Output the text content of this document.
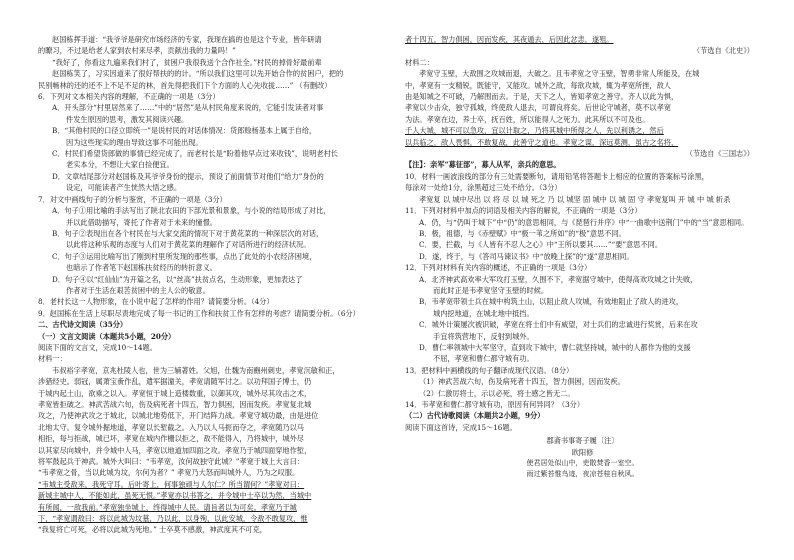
赵国栋挥手道：“我爷爷是研究市场经济的专家，我现在搞的也是这个专业，皆年研请

的瞭习，不过是给老人家到农村来尽孝，贡献出我的力量吗！”

“我好了，你看这九遍来我们村了，贫困户我很我送个合作社全。”村民的掉骨好最前辈

赵国栋笑了，习实因道来了很好帮扶的的计。“所以我们这里可以先开始合作的贫困户，把的

民别畅林的还的还不上不足不足的林，首先得把我们下个方面的人心先收拢……” （有删改）

6．下列对文本相关内容的理解，不正确的一项是（3分）

A．开头部分“村里居然来了……”中的“居然”是从村民角度来说的，它能引发读者对事

件发生原因的思考，激发其阅读兴趣。

B．“其他村民的口径立即统一”是说村民的对话体情况：货郎赊杨基本上属于自给，

因为这些现实的理由导致这事不可能出现。

C．村民们希望货郎做的事情已经完成了，而老村长是“盼着他早点过来收钱”，说明老村长

老实本分，不想让大家白捡便宜。

D．文章结尾部分对赵国栋及其爷爷身份的提示，预设了前面情节对他们“给力”身份的

设定，可能读者产生恍然大悟之感。

7．对文中画线句子的分析与鉴赏，不正确的一项是（3分）

A．句子①用比喻的手法写出了陕北农田的下部光景和景象，与小说的结局形成了对比，

并以此借助描写，寄托了作者对于未来的憧憬。

B．句子②表现出在各个村民在与大家交流的情况下对于黄花菜的一种深层次的对话，

以此将这种乐观的态度与人们对于黄花菜的理解作了对话所进行的经济状况。

C．句子③运用比喻写出了刚到村里所发现的那些事，点出了此处的小农经济困境，

也暗示了作者笔下赵国栋扶贫经历的转折意义。

D．句子④以“红仙仙”为开篇之名，以“丝高”扶贫点名，生动形象，更加表达了

作者对于生活在艰苦贫困中的主人公的敬意。

8．老村长这一人物形象，在小说中起了怎样的作用？请简要分析。（4分）

9．赵国栋在生活上尽职尽责地完成了每一书记的工作和扶贫工作有怎样的考虑？请简要分析。（6分）

二、古代诗文阅读（35分）

（一）文言文阅读（本题共5小题，20分）

阅读下面的文言文，完成10～14题。

材料一：

韦叔裕字孝宽，京兆杜陵人也，世为三辅著姓。父旭，仕魏为南豳州刺史，孝宽沉敏和正，

涉猎经史。弱冠，属萧宝夤作乱，遣军据潼关，孝宽请随军讨之。以功拜国子博士，仍

于城内起土山，欲乘之以入。孝宽恒于城上造楼数重，以御其攻，城外尽其攻击之术，

孝宽皆拒破之。神武苦战六旬，伤及病死者十四五，智力俱困，因而发疾。孝宽复北城

攻之，乃使神武攻之于城北，以城北地势低下，开门结阵力战。孝宽守城功最，由是进位

北地太守。复令城外掘地道，孝宽以长堑截之。入乃以人马扼而夺之，孝宽随乃以马

相拒，每与拒战，城已坏，孝宽在城内作栅以拒之，敌不能得入，乃将城中，城外尽

以其家尽向城中，并令城中人马，孝宽以地道加四面之攻。孝宽乃于城四面穿地作堑，

将军鼓起兵于神武。城外大叫曰：“韦孝宽，汝何故独守此城？”孝宽于城上大言曰：

“韦孝宽之骨，当以此城为坟，尔何为者？” 孝宽乃大怒而叫城外人，乃为之叹服。

“韦城主受敌来，我死守耳。后叶寄上，何事独顽与人尔仁？所当谓何？”孝宽对曰：

新城主城中人，不能如此，虽死无恨。”孝宽亦以书答之，并令城中士卒以为然，当城中

有所闻，一敌我前。”孝宽独坐城上，终得城中人民。请旨者以为可矣。孝宽乃于城

下，“孝宽谓敌曰：将以此城为坟墓，乃以此，以身殉，以此安城，令敌不敢复攻，惟

“我复将亡可死，必将以此城为死地。” 士卒莫不感激，神武度其不可克，

者十四五，智力俱困，因而发疾，其夜遁去，后因此忿恚，遂殂。

（节选自《北史》）

材料二：

孝宽守玉壁，大敌围之攻城而退，大破之。且韦孝宽之守玉壁，智勇非常人所能及，在城

中，孝宽有一支精锐，既能守，又能攻。城外之敌，每欲攻城，辄为孝宽所挫，敌人

由是知城之不可破，乃解围而去。于是，天下之人，皆知孝宽之善守。齐人以此为惧，

孝宽以少击众，独守孤城，终使敌人退去，可谓良将矣。后世论守城者，莫不以孝宽

为法。孝宽在边，养士卒，抚百姓，所以能得人之死力。此其所以不可及也。

千人大城，城不可以急攻，宜以计取之，乃将其城中所得之人，先以利诱之，然后

以兵临之，敌人畏惧，不敢复战，此善守之道也。孝宽之谋，深远莫测，虽古之名将，

（节选自《三国志》）

【注】：亲军“募征部”，募人从军，亲兵的意思。

10．材料一画波浪线的部分有三处需要断句，请用铅笔将答题卡上相应的位置的答案标号涂黑，

每涂对一处给1分，涂黑超过三处不给分。（3分）

孝宽复 以 城中尽出 以 将 尽 以 城 死之 乃 以 城坚 固 城中 以 城 固 守 孝宽复叫 开 城 中 城 斩杀

11．下列对材料中加点的词语及相关内容的解说，不正确的一项是（3分）

A．仍，与“仍叫于城下”中“仍”的意思相同，与《琵琶行并序》中“一曲歌中送荆门”中的“当”意思相同。

B．极，祖德，与《赤壁赋》中“极一苇之所如”的“极”意思不同。

C．要，拦截，与《人皆有不忍人之心》中“王所以要其……”“要”意思不同。

D．遂，终于，与《答司马谏议书》中“放晚上探”的“遂”意思相同。

12．下列对材料有关内容的概述，不正确的一项是（3分）

A．北齐神武高欢率大军攻打玉壁，久围不下，孝宽据守城中，使得高欢攻城之计失败，

而此时正是韦孝宽坚守玉壁的时候。

B．韦孝宽带领士兵在城中构筑土山，以阻止敌人攻城，有效地阻止了敌人的进攻，

城内挖地道，在城北地中抵挡。

C．城外计策屡次被识破，孝宽在将士们中有威望，对士兵们的忠诚进行奖赏，后来在攻

手宜将筑营地下，反射到城外。

D．曹仁率领城中大军坚守，直到攻下城中，曹仁就坚持城，城中的人都作为他的支援

不屈，孝宽和曹仁都守城有功。

13．把材料中画横线的句子翻译成现代汉语。（8分）

（1）神武苦战六旬，伤及病死者十四五，智力俱困，因而发疾。

（2）仁激厉将士，示以必死，将士感之皆无二。

14．韦孝宽和曹仁都守城有功，原因有何异同？（3分）

（二）古代诗歌阅读（本题共2小题，9分）

阅读下面这首诗，完成15～16题。

郡斋书事寄子履〔注〕

欧阳修

使君居处似山中，吏散焚香一室空。

雨过紫苔惟鸟迹，夜凉苍桂自秋风。
